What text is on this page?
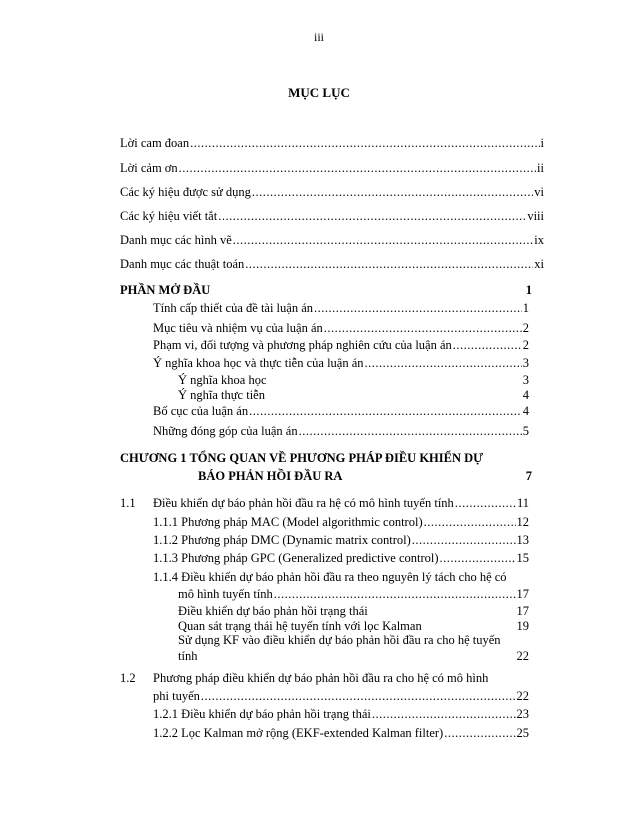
iii
MỤC LỤC
Lời cam đoan .....	i
Lời cảm ơn .....	ii
Các ký hiệu được sử dụng .....	vi
Các ký hiệu viết tắt .....	viii
Danh mục các hình vẽ .....	ix
Danh mục các thuật toán .....	xi
PHẦN MỞ ĐẦU	1
Tính cấp thiết của đề tài luận án .....	1
Mục tiêu và nhiệm vụ của luận án .....	2
Phạm vi, đối tượng và phương pháp nghiên cứu của luận án .....	2
Ý nghĩa khoa học và thực tiễn của luận án .....	3
Ý nghĩa khoa học	3
Ý nghĩa thực tiễn	4
Bố cục của luận án .....	4
Những đóng góp của luận án .....	5
CHƯƠNG 1 TỔNG QUAN VỀ PHƯƠNG PHÁP ĐIỀU KHIỂN DỰ
BÁO PHẢN HỒI ĐẦU RA	7
1.1 Điều khiển dự báo phản hồi đầu ra hệ có mô hình tuyến tính .....	11
1.1.1 Phương pháp MAC (Model algorithmic control) .....	12
1.1.2 Phương pháp DMC (Dynamic matrix control) .....	13
1.1.3 Phương pháp GPC (Generalized predictive control) .....	15
1.1.4 Điều khiển dự báo phản hồi đầu ra theo nguyên lý tách cho hệ có
mô hình tuyến tính .....	17
Điều khiển dự báo phản hồi trạng thái	17
Quan sát trạng thái hệ tuyến tính với lọc Kalman	19
Sử dụng KF vào điều khiển dự báo phản hồi đầu ra cho hệ tuyến
tính	22
1.2 Phương pháp điều khiển dự báo phản hồi đầu ra cho hệ có mô hình
phi tuyến .....	22
1.2.1 Điều khiển dự báo phản hồi trạng thái .....	23
1.2.2 Lọc Kalman mở rộng (EKF-extended Kalman filter) .....	25
